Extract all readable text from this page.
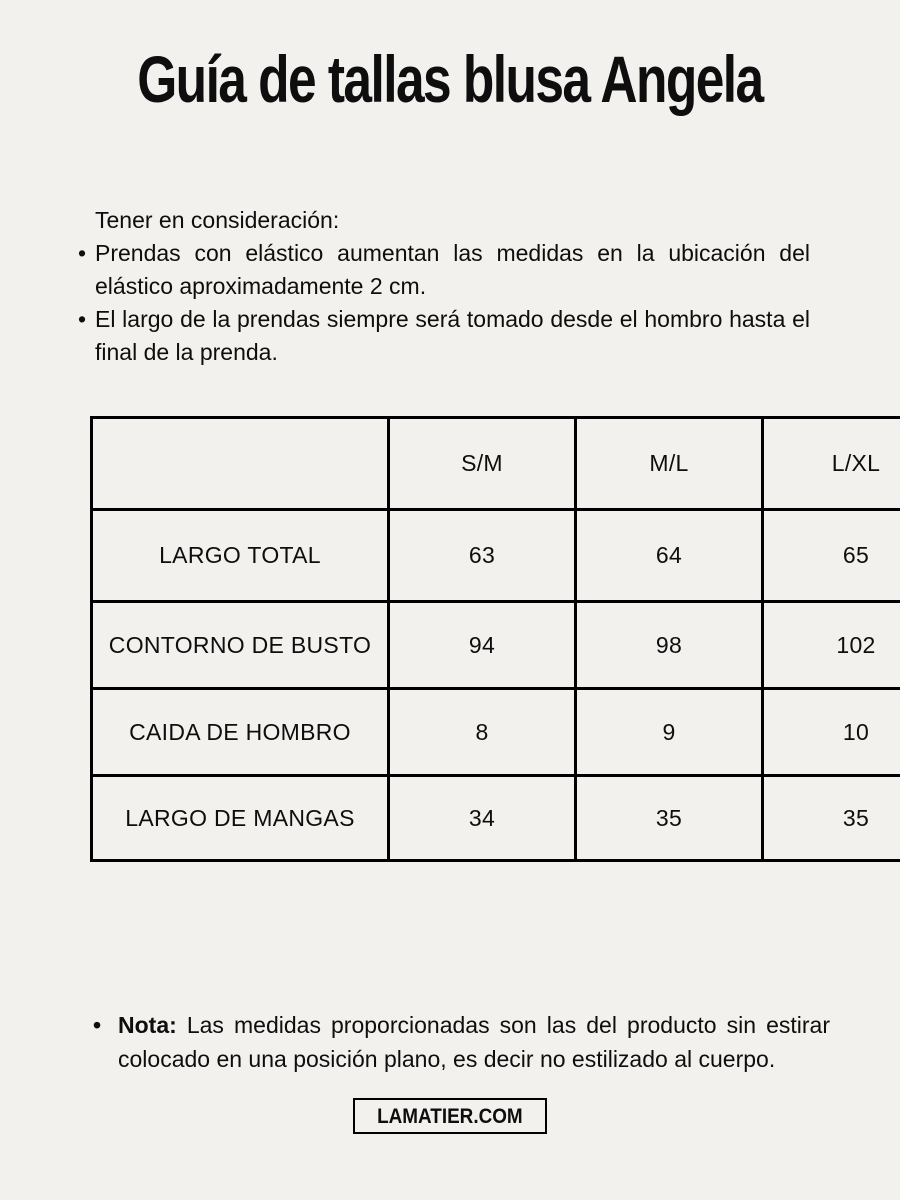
Guía de tallas blusa Angela

Tener en consideración:

• Prendas con elástico aumentan las medidas en la ubicación del elástico aproximadamente 2 cm.
• El largo de la prendas siempre será tomado desde el hombro hasta el final de la prenda.
	S/M	M/L	L/XL
LARGO TOTAL	63	64	65
CONTORNO DE BUSTO	94	98	102
CAIDA DE HOMBRO	8	9	10
LARGO DE MANGAS	34	35	35

• Nota: Las medidas proporcionadas son las del producto sin estirar colocado en una posición plano, es decir no estilizado al cuerpo.

LAMATIER.COM
